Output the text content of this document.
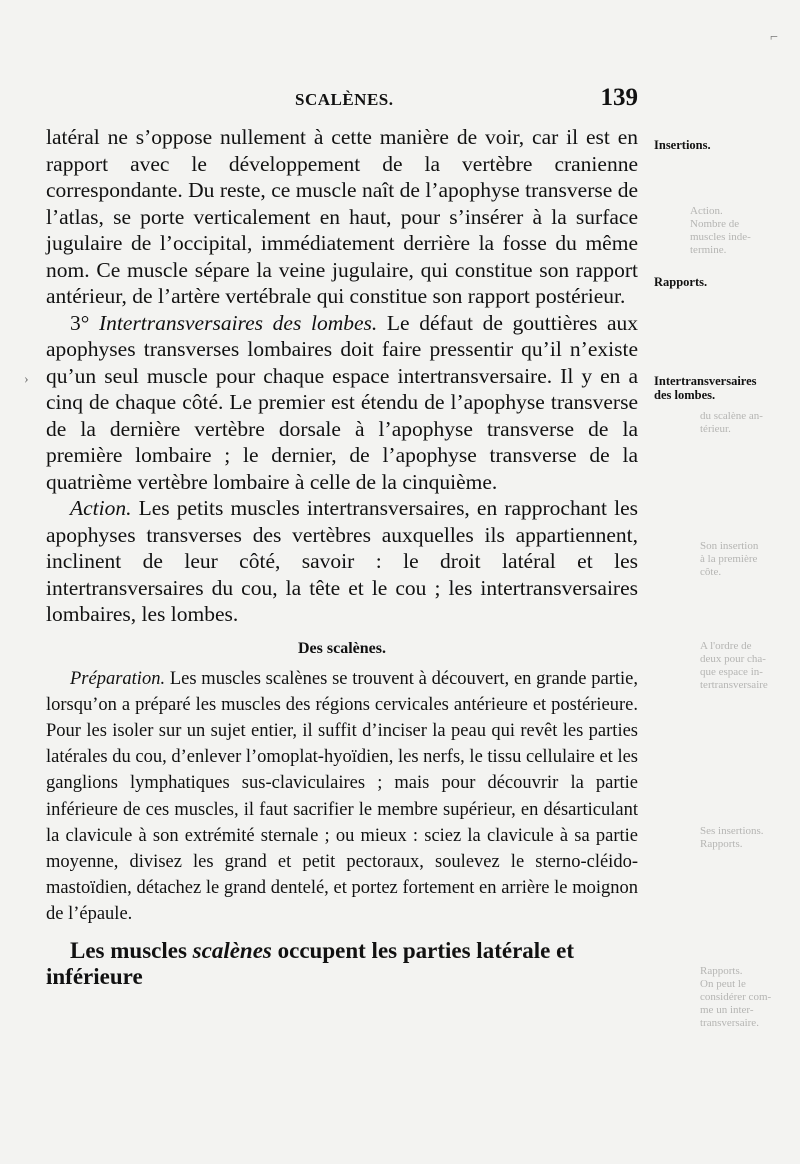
Action.
Nombre de
muscles inde-
termine.
du scalène an-
térieur.
Son insertion
à la première
côte.
A l'ordre de
deux pour cha-
que espace in-
tertransversaire
Ses insertions.
Rapports.
Rapports.
On peut le
considérer com-
me un inter-
transversaire.
›
⌐
SCALÈNES.	139
Insertions.
Rapports.
Intertransversaires des lombes.

latéral ne s’oppose nullement à cette manière de voir, car il est en rapport avec le développement de la vertèbre cranienne correspondante. Du reste, ce muscle naît de l’apophyse transverse de l’atlas, se porte verticalement en haut, pour s’insérer à la surface jugulaire de l’occipital, immédiatement derrière la fosse du même nom. Ce muscle sépare la veine jugulaire, qui constitue son rapport antérieur, de l’artère vertébrale qui constitue son rapport postérieur.

3° Intertransversaires des lombes. Le défaut de gouttières aux apophyses transverses lombaires doit faire pressentir qu’il n’existe qu’un seul muscle pour chaque espace intertransversaire. Il y en a cinq de chaque côté. Le premier est étendu de l’apophyse transverse de la dernière vertèbre dorsale à l’apophyse transverse de la première lombaire ; le dernier, de l’apophyse transverse de la quatrième vertèbre lombaire à celle de la cinquième.

Action. Les petits muscles intertransversaires, en rapprochant les apophyses transverses des vertèbres auxquelles ils appartiennent, inclinent de leur côté, savoir : le droit latéral et les intertransversaires du cou, la tête et le cou ; les intertransversaires lombaires, les lombes.

Des scalènes.

Préparation. Les muscles scalènes se trouvent à découvert, en grande partie, lorsqu’on a préparé les muscles des régions cervicales antérieure et postérieure. Pour les isoler sur un sujet entier, il suffit d’inciser la peau qui revêt les parties latérales du cou, d’enlever l’omoplat-hyoïdien, les nerfs, le tissu cellulaire et les ganglions lymphatiques sus-claviculaires ; mais pour découvrir la partie inférieure de ces muscles, il faut sacrifier le membre supérieur, en désarticulant la clavicule à son extrémité sternale ; ou mieux : sciez la clavicule à sa partie moyenne, divisez les grand et petit pectoraux, soulevez le sterno-cléido-mastoïdien, détachez le grand dentelé, et portez fortement en arrière le moignon de l’épaule.

Les muscles scalènes occupent les parties latérale et inférieure
